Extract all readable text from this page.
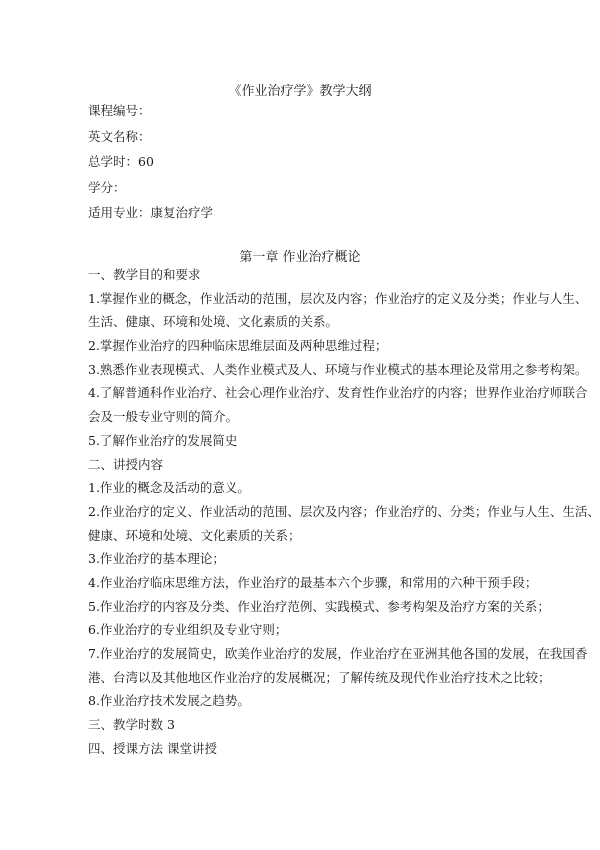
《作业治疗学》教学大纲
课程编号：
英文名称：
总学时：60
学分：
适用专业：康复治疗学
第一章 作业治疗概论
一、教学目的和要求
1.掌握作业的概念，作业活动的范围，层次及内容；作业治疗的定义及分类；作业与人生、
生活、健康、环境和处境、文化素质的关系。
2.掌握作业治疗的四种临床思维层面及两种思维过程；
3.熟悉作业表现模式、人类作业模式及人、环境与作业模式的基本理论及常用之参考构架。
4.了解普通科作业治疗、社会心理作业治疗、发育性作业治疗的内容；世界作业治疗师联合
会及一般专业守则的简介。
5.了解作业治疗的发展简史
二、讲授内容
1.作业的概念及活动的意义。
2.作业治疗的定义、作业活动的范围、层次及内容；作业治疗的、分类；作业与人生、生活、
健康、环境和处境、文化素质的关系；
3.作业治疗的基本理论；
4.作业治疗临床思维方法，作业治疗的最基本六个步骤，和常用的六种干预手段；
5.作业治疗的内容及分类、作业治疗范例、实践模式、参考构架及治疗方案的关系；
6.作业治疗的专业组织及专业守则；
7.作业治疗的发展简史，欧美作业治疗的发展，作业治疗在亚洲其他各国的发展，在我国香
港、台湾以及其他地区作业治疗的发展概况；了解传统及现代作业治疗技术之比较；
8.作业治疗技术发展之趋势。
三、教学时数 3
四、授课方法 课堂讲授
